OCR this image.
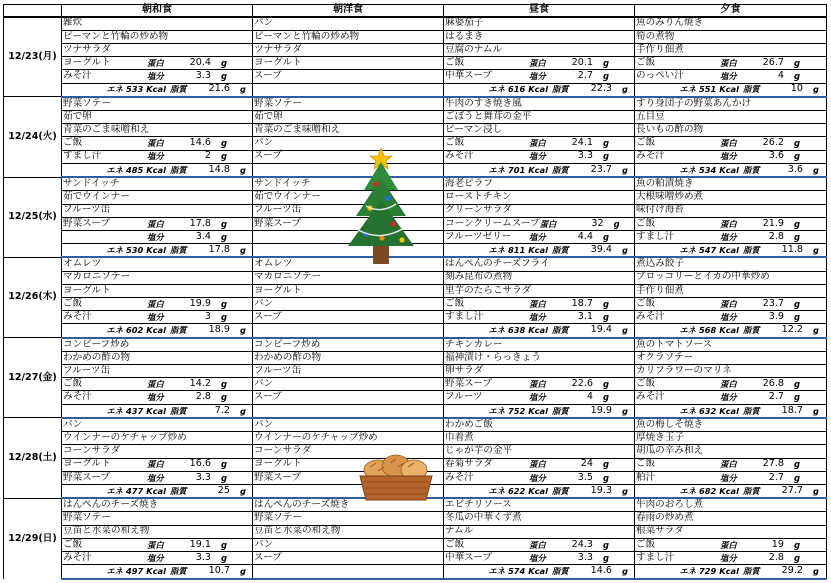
	朝和食	朝洋食	昼食	夕食
12/23(月)	雑炊	パン	麻婆茄子	魚のみりん焼き

	ピーマンと竹輪の炒め物	ピーマンと竹輪の炒め物	はるまき	筍の煮物

	ツナサラダ	ツナサラダ	豆腐のナムル	手作り佃煮

	ヨーグルト 蛋白 20.4 g	ヨーグルト	ご飯 蛋白 20.1 g	ご飯 蛋白 26.7 g

	みそ汁 塩分 3.3 g	スープ	中華スープ 塩分 2.7 g	のっぺい汁 塩分 4 g

	エネ 533 Kcal 脂質 21.6 g		エネ 616 Kcal 脂質 22.3 g	エネ 551 Kcal 脂質 10 g

12/24(火)	野菜ソテー	野菜ソテー	牛肉のすき焼き風	すり身団子の野菜あんかけ

	茹で卵	茹で卵	ごぼうと舞茸の金平	五目豆

	青菜のごま味噌和え	青菜のごま味噌和え	ピーマン浸し	長いもの酢の物

	ご飯 蛋白 14.6 g	パン	ご飯 蛋白 24.1 g	ご飯 蛋白 26.2 g

	すまし汁 塩分 2 g	スープ	みそ汁 塩分 3.3 g	みそ汁 塩分 3.6 g

	エネ 485 Kcal 脂質 14.8 g		エネ 701 Kcal 脂質 23.7 g	エネ 534 Kcal 脂質 3.6 g

12/25(水)	サンドイッチ	サンドイッチ	海老ピラフ	魚の粕漬焼き

	茹でウインナー	茹でウインナー	ローストチキン	大根味噌炒め煮

	フルーツ缶	フルーツ缶	グリーンサラダ	味付け海苔

	野菜スープ 蛋白 17.8 g	野菜スープ	コーンクリームスープ 蛋白 32 g	ご飯 蛋白 21.9 g

	塩分 3.4 g		フルーツゼリー 塩分 4.4 g	すまし汁 塩分 2.8 g

	エネ 530 Kcal 脂質 17.8 g		エネ 811 Kcal 脂質 39.4 g	エネ 547 Kcal 脂質 11.8 g

12/26(木)	オムレツ	オムレツ	はんぺんのチーズフライ	煮込み餃子

	マカロニソテー	マカロニソテー	刻み昆布の煮物	ブロッコリーとイカの中華炒め

	ヨーグルト	ヨーグルト	里芋のたらこサラダ	手作り佃煮

	ご飯 蛋白 19.9 g	パン	ご飯 蛋白 18.7 g	ご飯 蛋白 23.7 g

	みそ汁 塩分 3 g	スープ	すまし汁 塩分 3.1 g	みそ汁 塩分 3.9 g

	エネ 602 Kcal 脂質 18.9 g		エネ 638 Kcal 脂質 19.4 g	エネ 568 Kcal 脂質 12.2 g

12/27(金)	コンビーフ炒め	コンビーフ炒め	チキンカレー	魚のトマトソース

	わかめの酢の物	わかめの酢の物	福神漬け・らっきょう	オクラソテー

	フルーツ缶	フルーツ缶	卵サラダ	カリフラワーのマリネ

	ご飯 蛋白 14.2 g	パン	野菜スープ 蛋白 22.6 g	ご飯 蛋白 26.8 g

	みそ汁 塩分 2.8 g	スープ	フルーツ 塩分 4 g	みそ汁 塩分 2.7 g

	エネ 437 Kcal 脂質 7.2 g		エネ 752 Kcal 脂質 19.9 g	エネ 632 Kcal 脂質 18.7 g

12/28(土)	パン	パン	わかめご飯	魚の梅しそ焼き

	ウインナーのケチャップ炒め	ウインナーのケチャップ炒め	巾着煮	厚焼き玉子

	コーンサラダ	コーンサラダ	じゃが芋の金平	胡瓜の辛み和え

	ヨーグルト 蛋白 16.6 g	ヨーグルト	春菊サラダ 蛋白 24 g	ご飯 蛋白 27.8 g

	野菜スープ 塩分 3.3 g	野菜スープ	みそ汁 塩分 3.5 g	粕汁 塩分 2.7 g

	エネ 477 Kcal 脂質 25 g		エネ 622 Kcal 脂質 19.3 g	エネ 682 Kcal 脂質 27.7 g

12/29(日)	はんぺんのチーズ焼き	はんぺんのチーズ焼き	エビチリソース	牛肉のおろし煮

	野菜ソテー	野菜ソテー	冬瓜の中華くず煮	春雨の炒め煮

	豆苗と水菜の和え物	豆苗と水菜の和え物	ナムル	根菜サラダ

	ご飯 蛋白 19.1 g	パン	ご飯 蛋白 24.3 g	ご飯 蛋白 19 g

	みそ汁 塩分 3.3 g	スープ	中華スープ 塩分 3.3 g	すまし汁 塩分 2.8 g

	エネ 497 Kcal 脂質 10.7 g		エネ 574 Kcal 脂質 14.6 g	エネ 729 Kcal 脂質 29.2 g
